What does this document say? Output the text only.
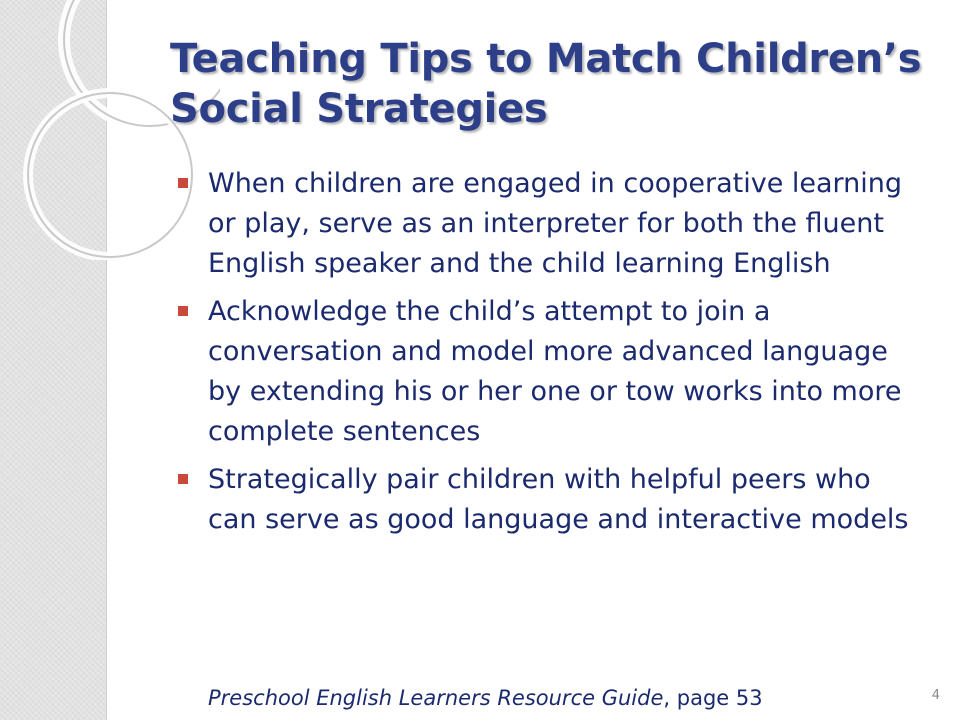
Teaching Tips to Match Children’s Social Strategies
When children are engaged in cooperative learning or play, serve as an interpreter for both the fluent English speaker and the child learning English
Acknowledge the child’s attempt to join a conversation and model more advanced language by extending his or her one or tow works into more complete sentences
Strategically pair children with helpful peers who can serve as good language and interactive models
Preschool English Learners Resource Guide, page 53	4
